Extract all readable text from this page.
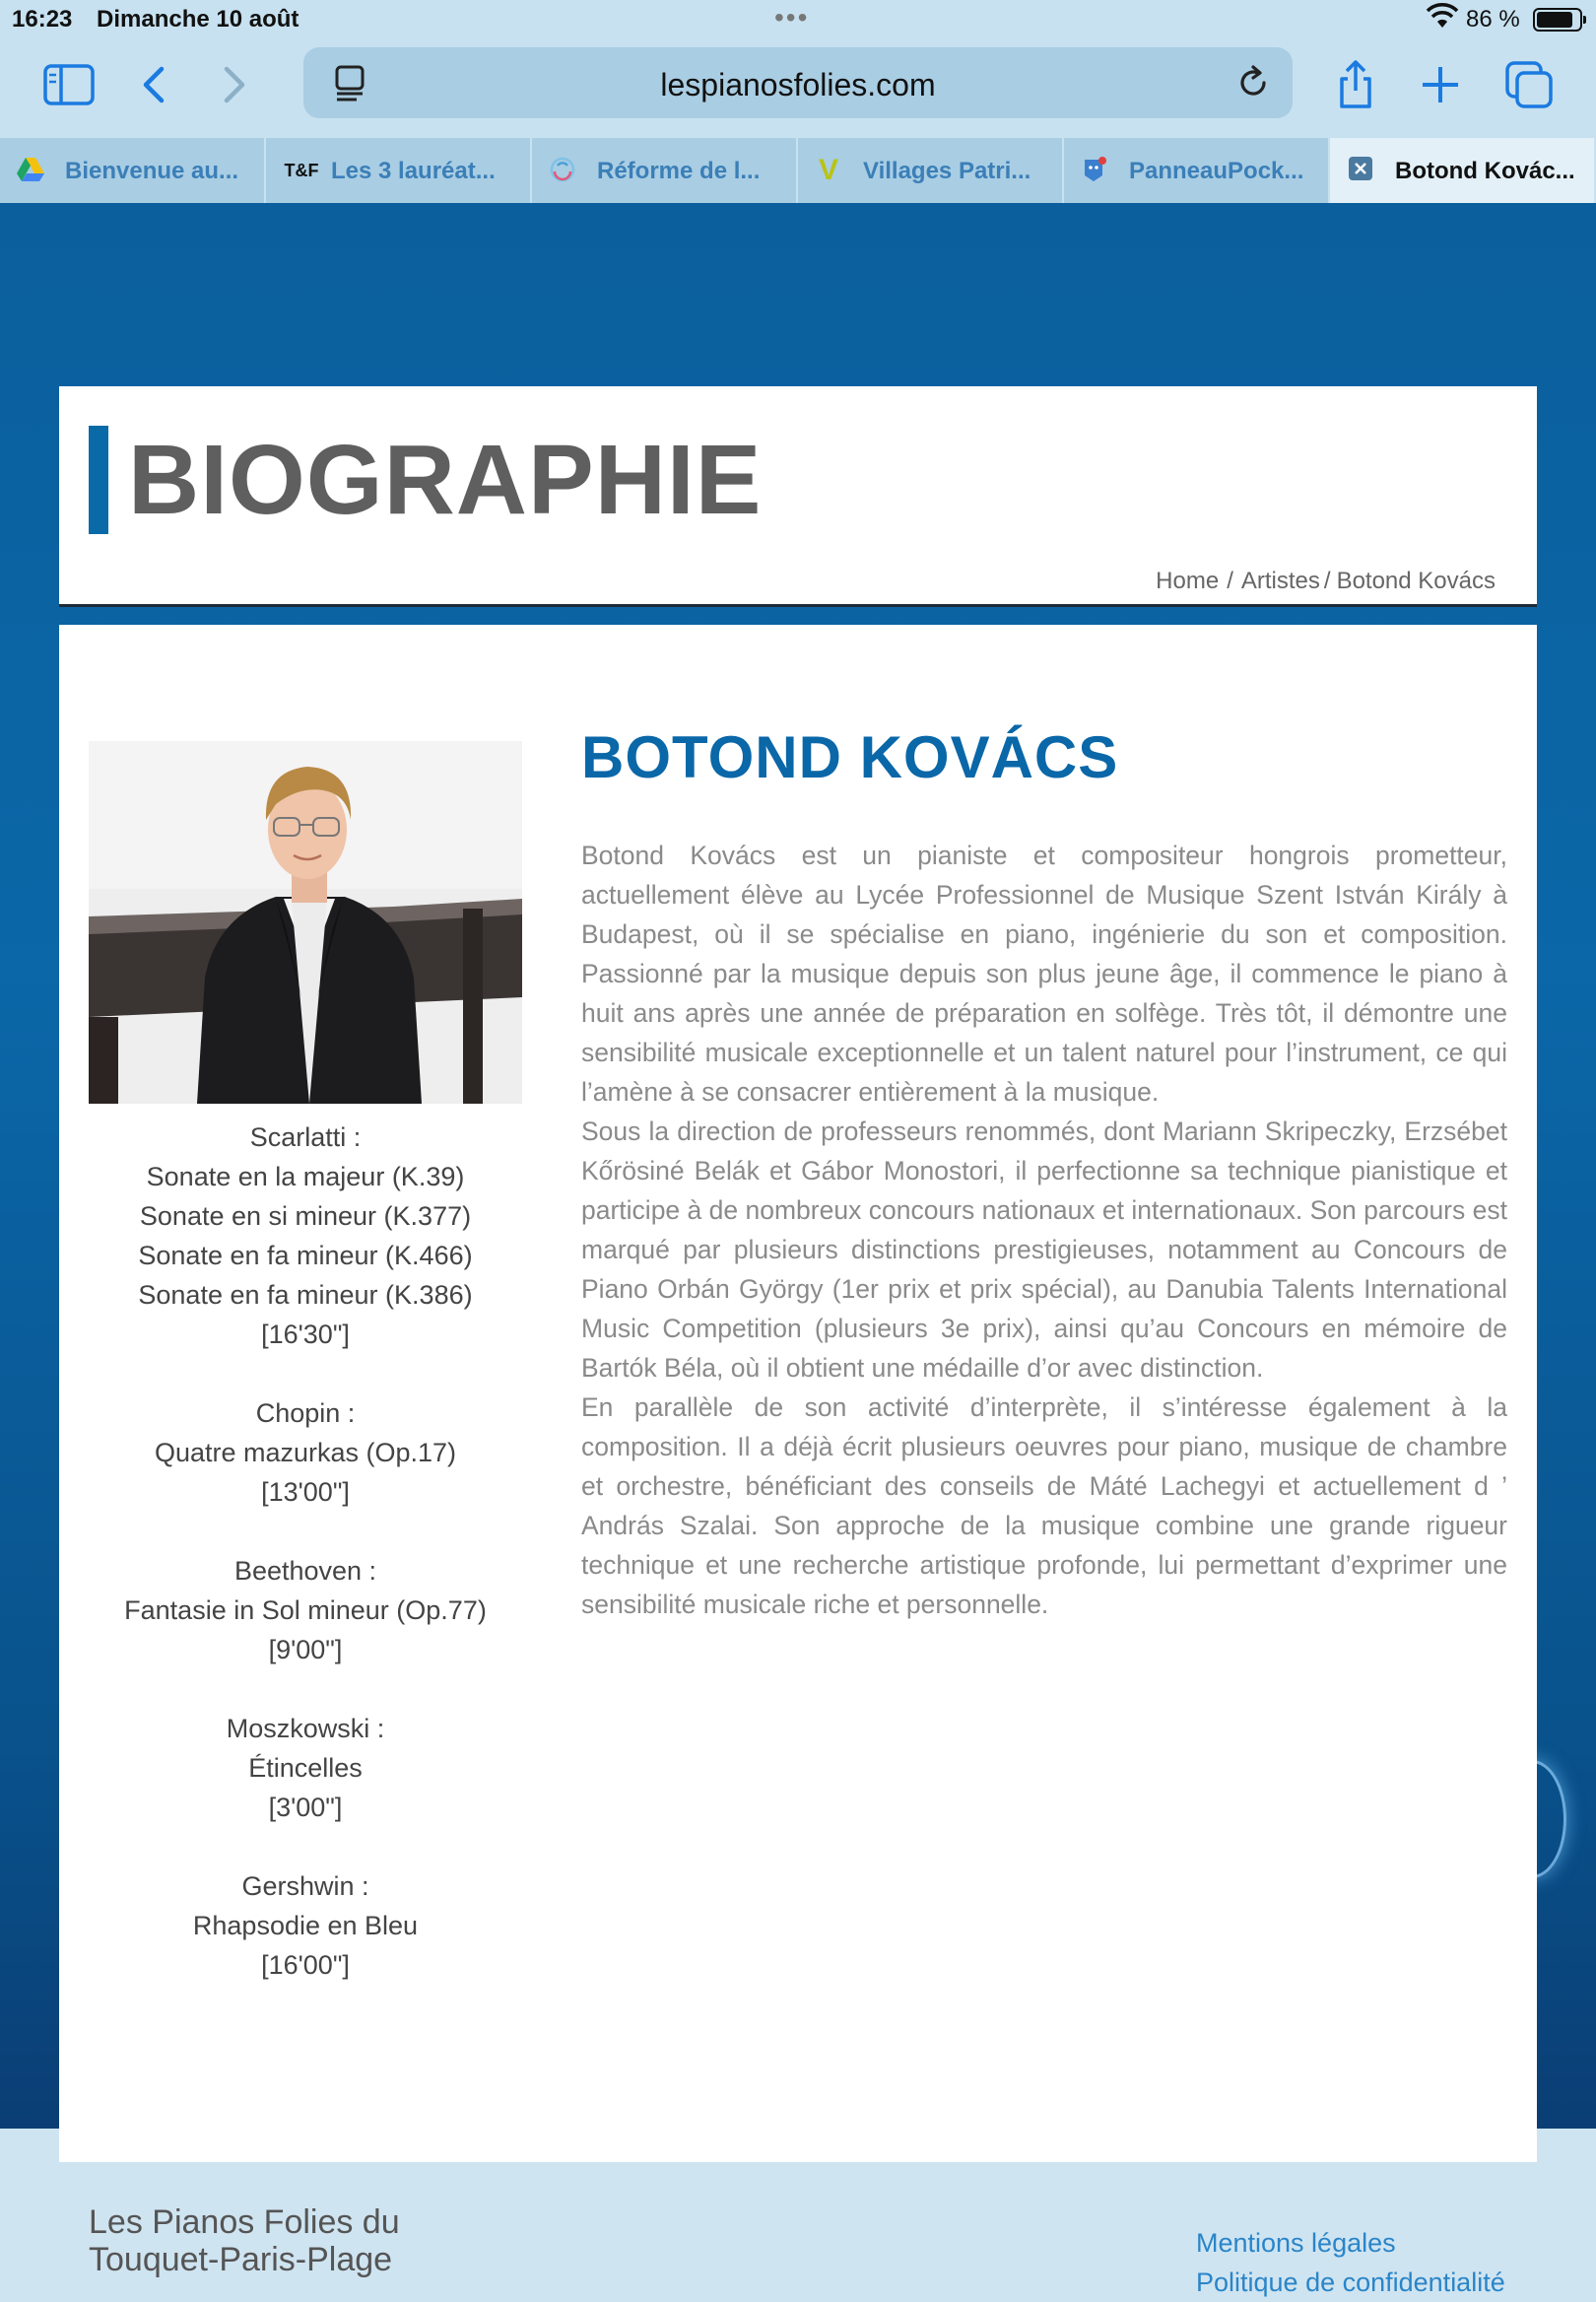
16:23 Dimanche 10 août	•••	86 %
lespianosfolies.com
Bienvenue au...	T&F Les 3 lauréat...	Réforme de l... V Villages Patri...	PanneauPock...	Botond Kovác...
BIOGRAPHIE
Home / Artistes / Botond Kovács
Scarlatti :
Sonate en la majeur (K.39)
Sonate en si mineur (K.377)
Sonate en fa mineur (K.466)
Sonate en fa mineur (K.386)
[16'30"]
Chopin :
Quatre mazurkas (Op.17)
[13'00"]
Beethoven :
Fantasie in Sol mineur (Op.77)
[9'00"]
Moszkowski :
Étincelles
[3'00"]
Gershwin :
Rhapsodie en Bleu
[16'00"]
BOTOND KOVÁCS

Botond Kovács est un pianiste et compositeur hongrois prometteur, actuellement élève au Lycée Professionnel de Musique Szent István Király à Budapest, où il se spécialise en piano, ingénierie du son et composition. Passionné par la musique depuis son plus jeune âge, il commence le piano à huit ans après une année de préparation en solfège. Très tôt, il démontre une sensibilité musicale exceptionnelle et un talent naturel pour l’instrument, ce qui l’amène à se consacrer entièrement à la musique.

Sous la direction de professeurs renommés, dont Mariann Skripeczky, Erzsébet Kőrösiné Belák et Gábor Monostori, il perfectionne sa technique pianistique et participe à de nombreux concours nationaux et internationaux. Son parcours est marqué par plusieurs distinctions prestigieuses, notamment au Concours de Piano Orbán György (1er prix et prix spécial), au Danubia Talents International Music Competition (plusieurs 3e prix), ainsi qu’au Concours en mémoire de Bartók Béla, où il obtient une médaille d’or avec distinction.

En parallèle de son activité d’interprète, il s’intéresse également à la composition. Il a déjà écrit plusieurs oeuvres pour piano, musique de chambre et orchestre, bénéficiant des conseils de Máté Lachegyi et actuellement d ’ András Szalai. Son approche de la musique combine une grande rigueur technique et une recherche artistique profonde, lui permettant d’exprimer une sensibilité musicale riche et personnelle.

Les Pianos Folies du Touquet-Paris-Plage	Mentions légales
Politique de confidentialité
